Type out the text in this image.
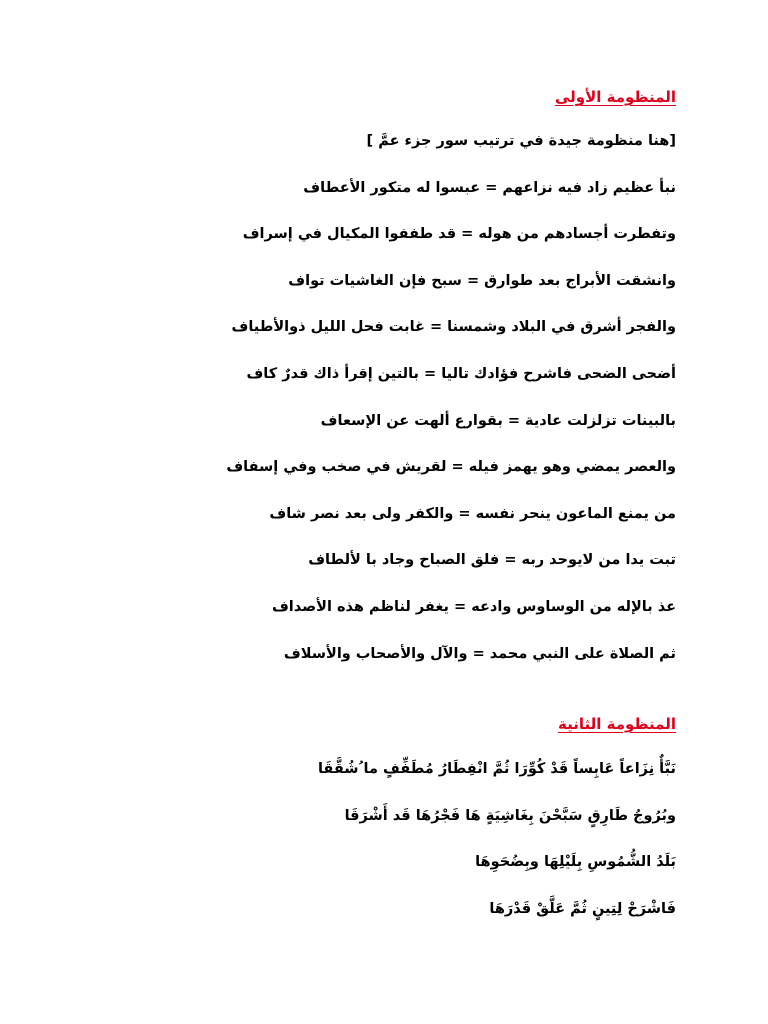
المنظومة الأولى
[هنا منظومة جيدة في ترتيب سور جزء عمَّ ]
نبأ عظيم زاد فيه نزاعهم = عبسوا له متكور الأعطاف
وتفطرت أجسادهم من هوله = قد طففوا المكيال في إسراف
وانشقت الأبراج بعد طوارق = سبح فإن الغاشيات تواف
والفجر أشرق في البلاد وشمسنا = غابت فحل الليل ذوالأطياف
أضحى الضحى فاشرح فؤادك تاليا = بالتين إقرأ ذاك قدرٌ كاف
بالبينات تزلزلت عادية = بقوارع ألهت عن الإسعاف
والعصر يمضي وهو يهمز فيله = لقريش في صخب وفي إسفاف
من يمنع الماعون ينحر نفسه = والكفر ولى بعد نصر شاف
تبت يدا من لايوحد ربه = فلق الصباح وجاد با لألطاف
عذ بالإله من الوساوس وادعه = يغفر لناظم هذه الأصداف
ثم الصلاة على النبي محمد = والآل والأصحاب والأسلاف
المنظومة الثانية
نَبَّأٌ نِزَاعاً عَابِساً قَدْ كُوِّرَا ثُمَّ انْفِطَارُ مُطَفِّفٍ ما ُشُقَّقَا
وبُرُوجُ طَارِقٍ سَبَّحْنَ بِغَاشِيَةٍ هَا فَجْرُهَا قَد أَشْرَقَا
بَلَدُ الشُّمُوسِ بِلَيْلِهَا وبِضُحَوِهَا
فَاشْرَحْ لِتِينٍ ثُمَّ عَلَّقْ قَدْرَهَا
